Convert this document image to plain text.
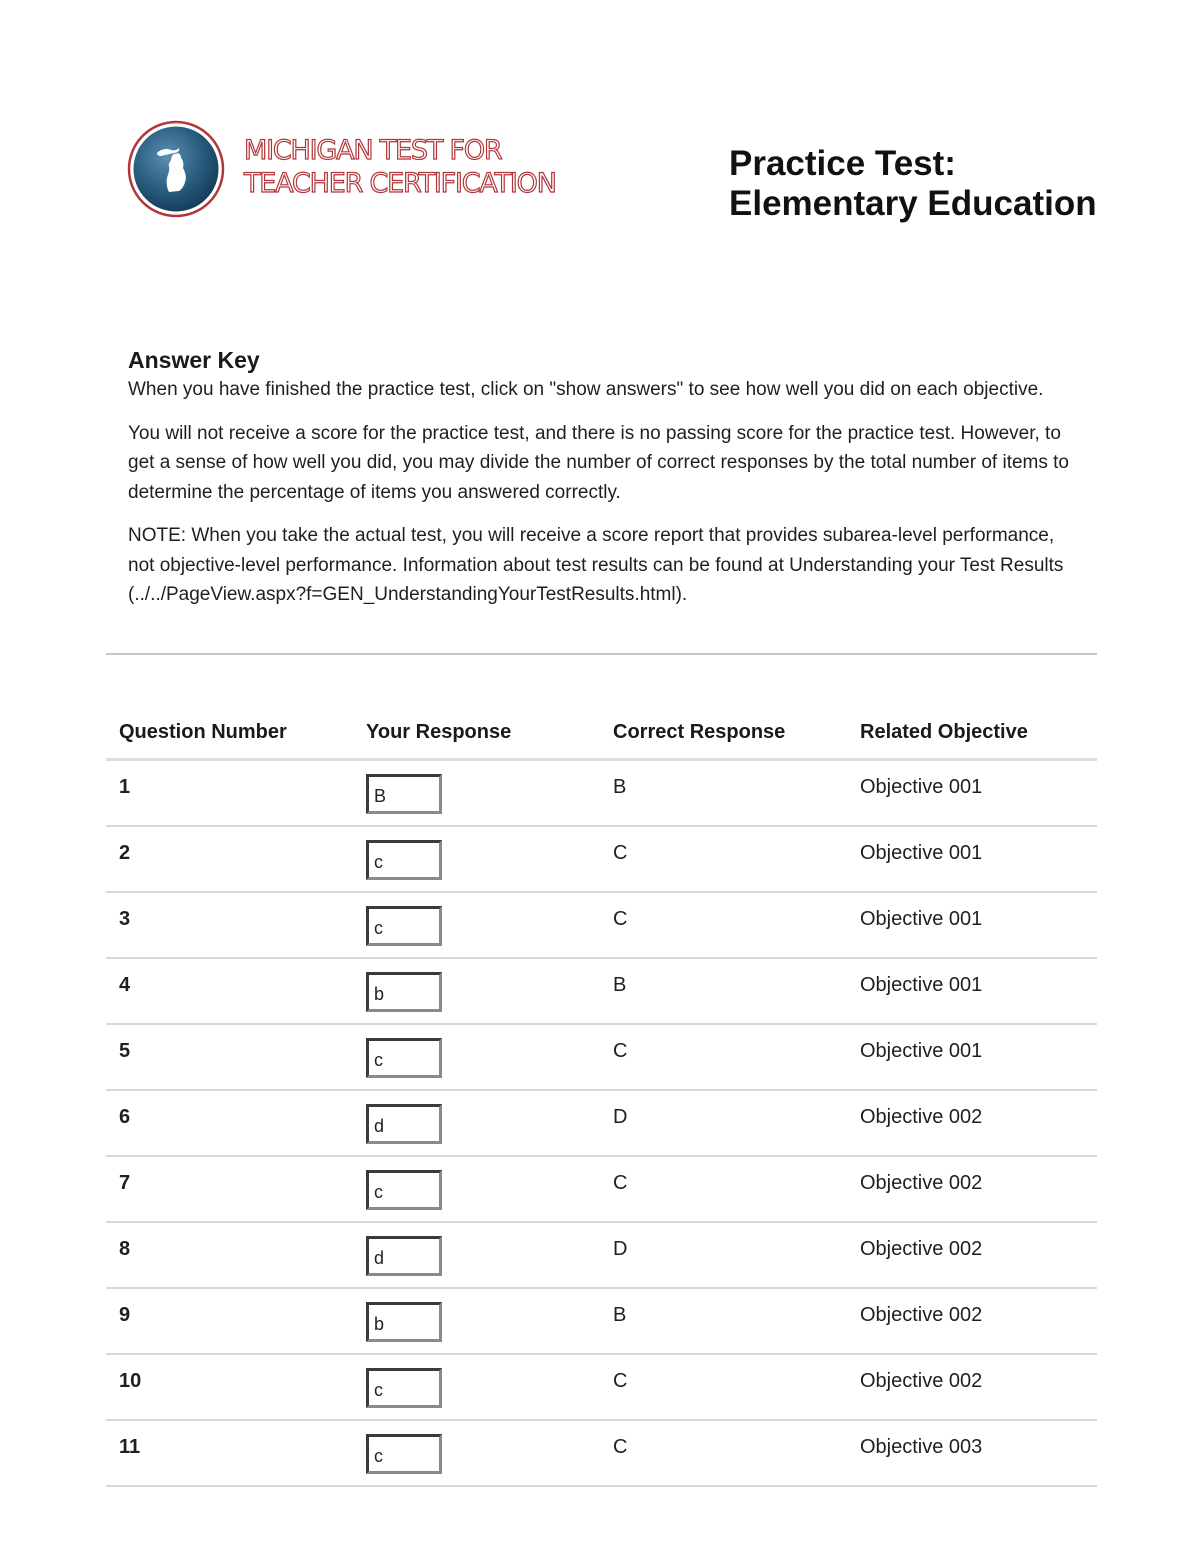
MICHIGAN TEST FOR
TEACHER CERTIFICATION
Practice Test: Elementary Education
Answer Key

When you have finished the practice test, click on "show answers" to see how well you did on each objective.

You will not receive a score for the practice test, and there is no passing score for the practice test. However, to get a sense of how well you did, you may divide the number of correct responses by the total number of items to determine the percentage of items you answered correctly.

NOTE: When you take the actual test, you will receive a score report that provides subarea-level performance, not objective-level performance. Information about test results can be found at Understanding your Test Results (../../PageView.aspx?f=GEN_UnderstandingYourTestResults.html).

Question Number	Your Response	Correct Response	Related Objective

1	B	B	Objective 001

2	c	C	Objective 001

3	c	C	Objective 001

4	b	B	Objective 001

5	c	C	Objective 001

6	d	D	Objective 002

7	c	C	Objective 002

8	d	D	Objective 002

9	b	B	Objective 002

10	c	C	Objective 002

11	c	C	Objective 003
